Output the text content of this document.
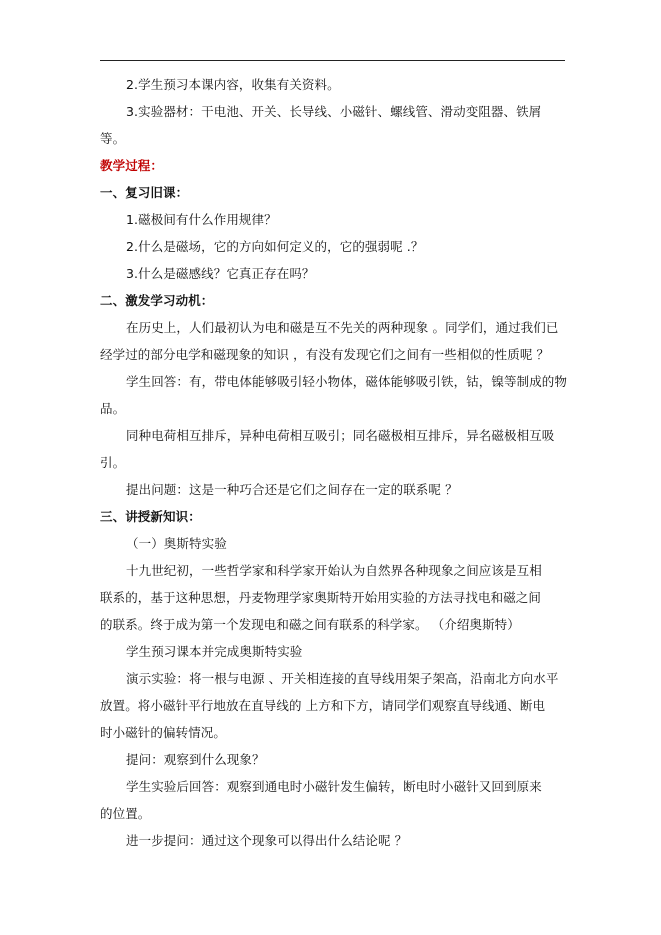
2.学生预习本课内容，收集有关资料。
3.实验器材：干电池、开关、长导线、小磁针、螺线管、滑动变阻器、铁屑
等。
教学过程：
一、复习旧课：
1.磁极间有什么作用规律？
2.什么是磁场，它的方向如何定义的，它的强弱呢 .？
3.什么是磁感线？它真正存在吗？
二、激发学习动机：
在历史上，人们最初认为电和磁是互不先关的两种现象 。同学们，通过我们已
经学过的部分电学和磁现象的知识 ，有没有发现它们之间有一些相似的性质呢 ？
学生回答：有，带电体能够吸引轻小物体，磁体能够吸引铁，钴，镍等制成的物
品。
同种电荷相互排斥，异种电荷相互吸引；同名磁极相互排斥，异名磁极相互吸
引。
提出问题：这是一种巧合还是它们之间存在一定的联系呢 ？
三、讲授新知识：
（一）奥斯特实验
十九世纪初，一些哲学家和科学家开始认为自然界各种现象之间应该是互相
联系的，基于这种思想，丹麦物理学家奥斯特开始用实验的方法寻找电和磁之间
的联系。终于成为第一个发现电和磁之间有联系的科学家。 （介绍奥斯特）
学生预习课本并完成奥斯特实验
演示实验：将一根与电源 、开关相连接的直导线用架子架高，沿南北方向水平
放置。将小磁针平行地放在直导线的 上方和下方，请同学们观察直导线通、断电
时小磁针的偏转情况。
提问：观察到什么现象？
学生实验后回答：观察到通电时小磁针发生偏转，断电时小磁针又回到原来
的位置。
进一步提问：通过这个现象可以得出什么结论呢 ？
